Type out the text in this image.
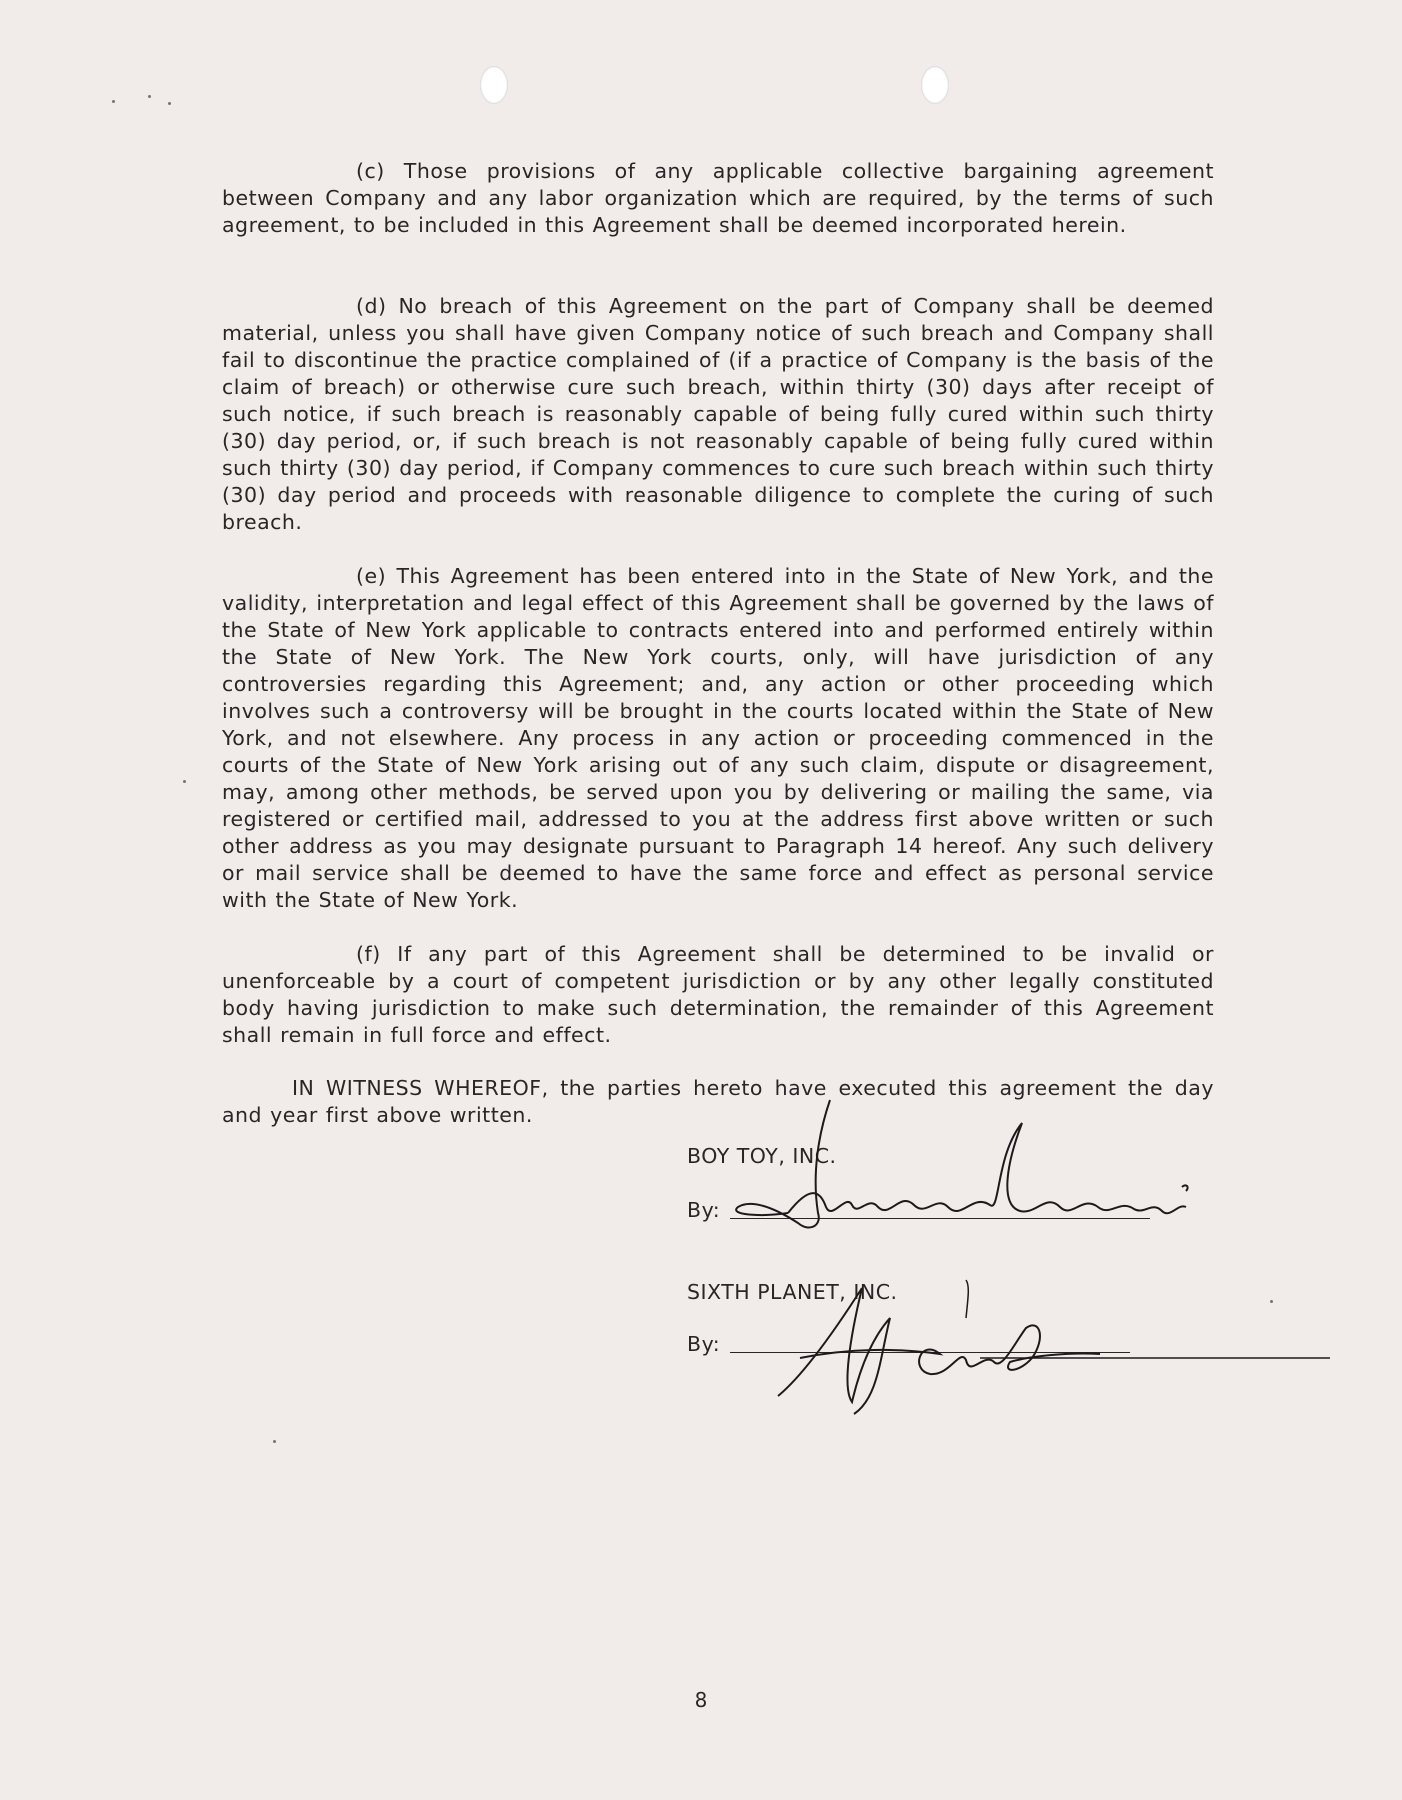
(c) Those provisions of any applicable collective bargaining agreement between Company and any labor organization which are required, by the terms of such agreement, to be included in this Agreement shall be deemed incorporated herein.
(d) No breach of this Agreement on the part of Company shall be deemed material, unless you shall have given Company notice of such breach and Company shall fail to discontinue the practice complained of (if a practice of Company is the basis of the claim of breach) or otherwise cure such breach, within thirty (30) days after receipt of such notice, if such breach is reasonably capable of being fully cured within such thirty (30) day period, or, if such breach is not reasonably capable of being fully cured within such thirty (30) day period, if Company commences to cure such breach within such thirty (30) day period and proceeds with reasonable diligence to complete the curing of such breach.
(e) This Agreement has been entered into in the State of New York, and the validity, interpretation and legal effect of this Agreement shall be governed by the laws of the State of New York applicable to contracts entered into and performed entirely within the State of New York. The New York courts, only, will have jurisdiction of any controversies regarding this Agreement; and, any action or other proceeding which involves such a controversy will be brought in the courts located within the State of New York, and not elsewhere. Any process in any action or proceeding commenced in the courts of the State of New York arising out of any such claim, dispute or disagreement, may, among other methods, be served upon you by delivering or mailing the same, via registered or certified mail, addressed to you at the address first above written or such other address as you may designate pursuant to Paragraph 14 hereof. Any such delivery or mail service shall be deemed to have the same force and effect as personal service with the State of New York.
(f) If any part of this Agreement shall be determined to be invalid or unenforceable by a court of competent jurisdiction or by any other legally constituted body having jurisdiction to make such determination, the remainder of this Agreement shall remain in full force and effect.
IN WITNESS WHEREOF, the parties hereto have executed this agreement the day and year first above written.
BOY TOY, INC.
By:
SIXTH PLANET, INC.
By:
8
